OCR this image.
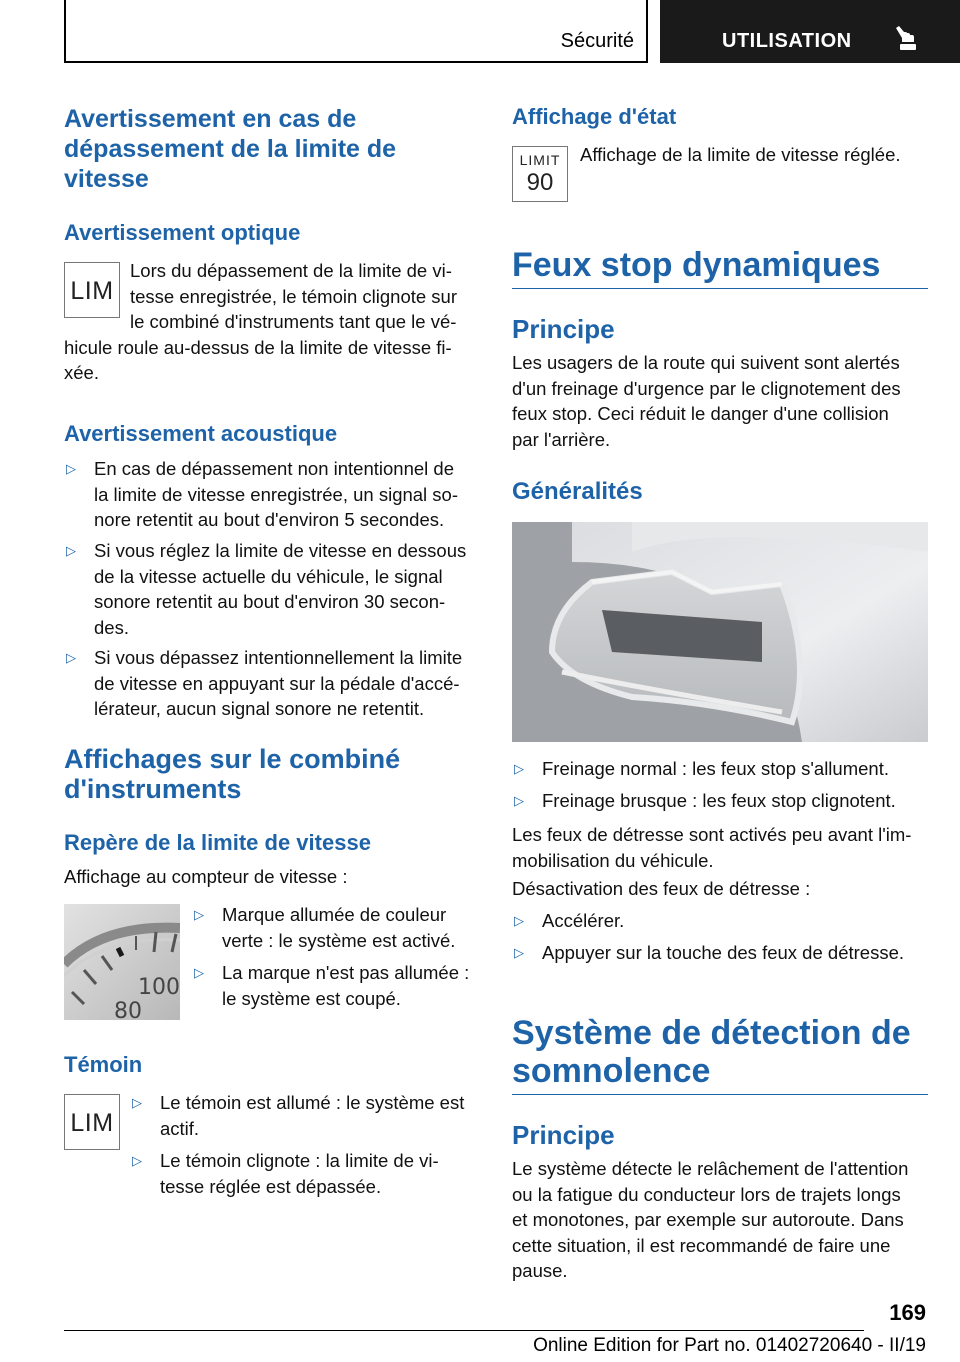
Sécurité	UTILISATION
Avertissement en cas de dépassement de la limite de vitesse
Avertissement optique
LIM
Lors du dépassement de la limite de vi-
tesse enregistrée, le témoin clignote sur
le combiné d'instruments tant que le vé-
hicule roule au-dessus de la limite de vitesse fi-
xée.
Avertissement acoustique
▷ En cas de dépassement non intentionnel de
la limite de vitesse enregistrée, un signal so-
nore retentit au bout d'environ 5 secondes.
▷ Si vous réglez la limite de vitesse en dessous
de la vitesse actuelle du véhicule, le signal
sonore retentit au bout d'environ 30 secon-
des.
▷ Si vous dépassez intentionnellement la limite
de vitesse en appuyant sur la pédale d'accé-
lérateur, aucun signal sonore ne retentit.
Affichages sur le combiné d'instruments
Repère de la limite de vitesse
Affichage au compteur de vitesse :
100
80
▷ Marque allumée de couleur
verte : le système est activé.
▷ La marque n'est pas allumée :
le système est coupé.
Témoin
LIM
▷ Le témoin est allumé : le système est
actif.
▷ Le témoin clignote : la limite de vi-
tesse réglée est dépassée.
Affichage d'état
LIMIT
90
Affichage de la limite de vitesse réglée.
Feux stop dynamiques
Principe
Les usagers de la route qui suivent sont alertés
d'un freinage d'urgence par le clignotement des
feux stop. Ceci réduit le danger d'une collision
par l'arrière.
Généralités
▷ Freinage normal : les feux stop s'allument.
▷ Freinage brusque : les feux stop clignotent.
Les feux de détresse sont activés peu avant l'im-
mobilisation du véhicule.
Désactivation des feux de détresse :
▷ Accélérer.
▷ Appuyer sur la touche des feux de détresse.
Système de détection de somnolence
Principe
Le système détecte le relâchement de l'attention
ou la fatigue du conducteur lors de trajets longs
et monotones, par exemple sur autoroute. Dans
cette situation, il est recommandé de faire une
pause.
169
Online Edition for Part no. 01402720640 - II/19
